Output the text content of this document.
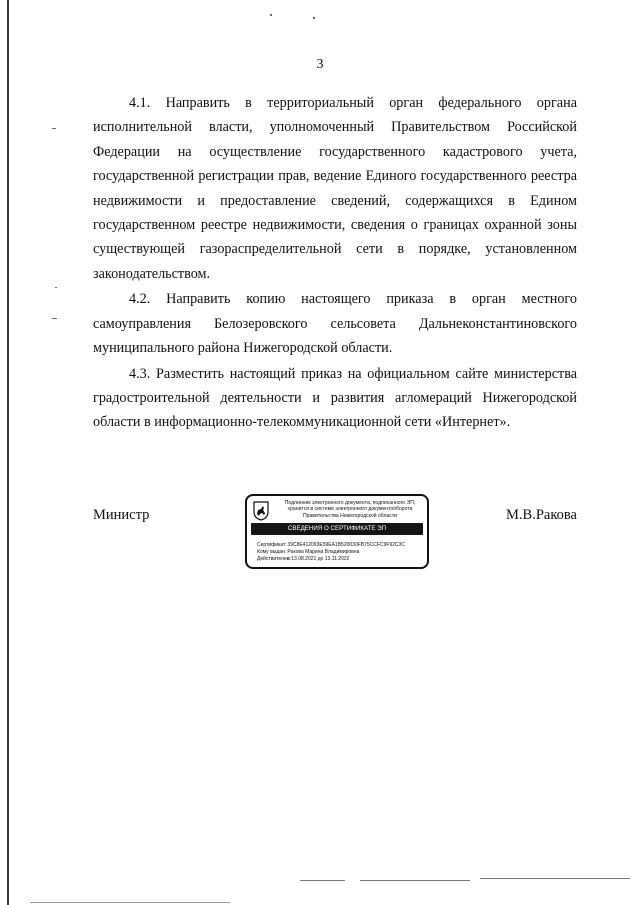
3

4.1. Направить в территориальный орган федерального органа исполнительной власти, уполномоченный Правительством Российской Федерации на осуществление государственного кадастрового учета, государственной регистрации прав, ведение Единого государственного реестра недвижимости и предоставление сведений, содержащихся в Едином государственном реестре недвижимости, сведения о границах охранной зоны существующей газораспределительной сети в порядке, установленном законодательством.

4.2. Направить копию настоящего приказа в орган местного самоуправления Белозеровского сельсовета Дальнеконстантиновского муниципального района Нижегородской области.

4.3. Разместить настоящий приказ на официальном сайте министерства градостроительной деятельности и развития агломераций Нижегородской области в информационно-телекоммуникационной сети «Интернет».

Министр	М.В.Ракова
Подлинник электронного документа, подписанного ЭП, хранится в системе электронного документооборота Правительства Нижегородской области
СВЕДЕНИЯ О СЕРТИФИКАТЕ ЭП
Сертификат: 39C8E412093E59EA1B520030FB75CCFC9F92C3C
Кому выдан: Ракова Марина Владимировна
Действителен: с 13.08.2021 до 13.11.2022
